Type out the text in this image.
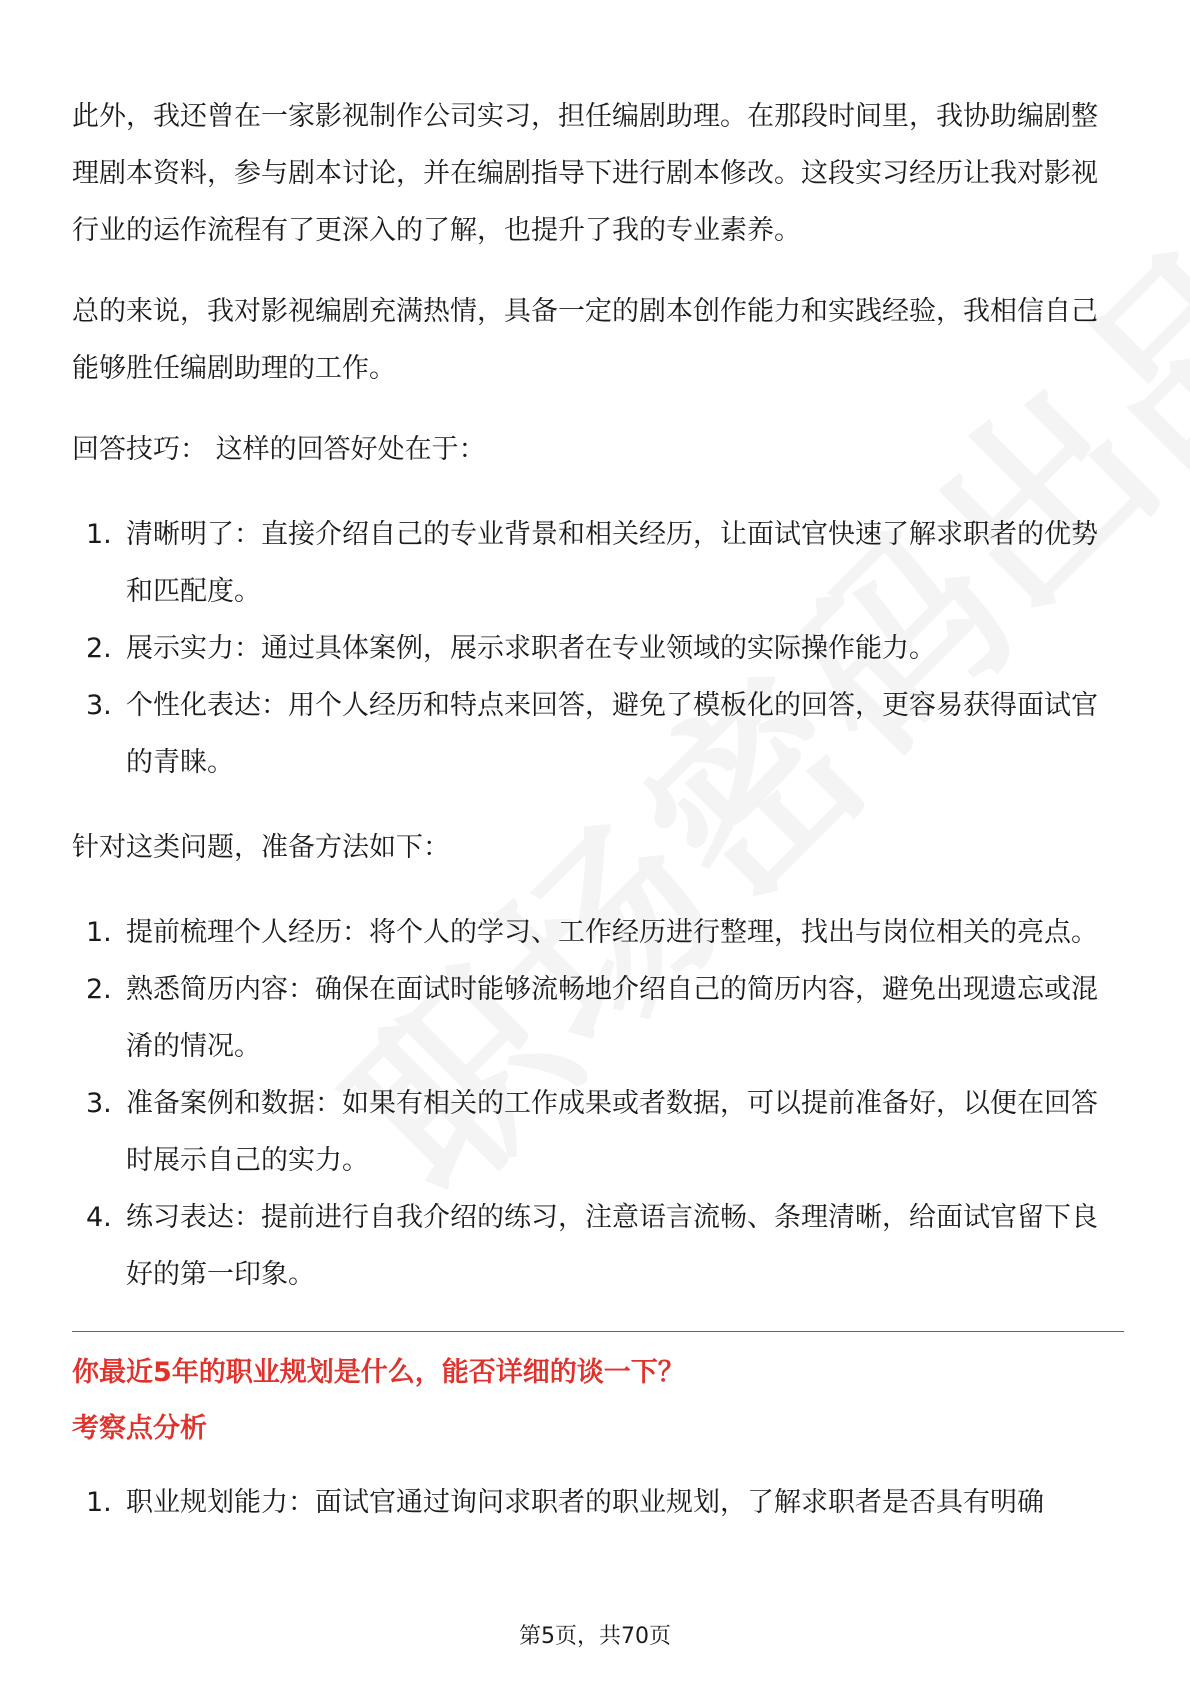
此外，我还曾在一家影视制作公司实习，担任编剧助理。在那段时间里，我协助编剧整理剧本资料，参与剧本讨论，并在编剧指导下进行剧本修改。这段实习经历让我对影视行业的运作流程有了更深入的了解，也提升了我的专业素养。

总的来说，我对影视编剧充满热情，具备一定的剧本创作能力和实践经验，我相信自己能够胜任编剧助理的工作。

回答技巧： 这样的回答好处在于：

1. 清晰明了：直接介绍自己的专业背景和相关经历，让面试官快速了解求职者的优势和匹配度。
2. 展示实力：通过具体案例，展示求职者在专业领域的实际操作能力。
3. 个性化表达：用个人经历和特点来回答，避免了模板化的回答，更容易获得面试官的青睐。

针对这类问题，准备方法如下：

1. 提前梳理个人经历：将个人的学习、工作经历进行整理，找出与岗位相关的亮点。
2. 熟悉简历内容：确保在面试时能够流畅地介绍自己的简历内容，避免出现遗忘或混淆的情况。
3. 准备案例和数据：如果有相关的工作成果或者数据，可以提前准备好，以便在回答时展示自己的实力。
4. 练习表达：提前进行自我介绍的练习，注意语言流畅、条理清晰，给面试官留下良好的第一印象。
你最近5年的职业规划是什么，能否详细的谈一下？
考察点分析
1. 职业规划能力：面试官通过询问求职者的职业规划，了解求职者是否具有明确
第5页，共70页
